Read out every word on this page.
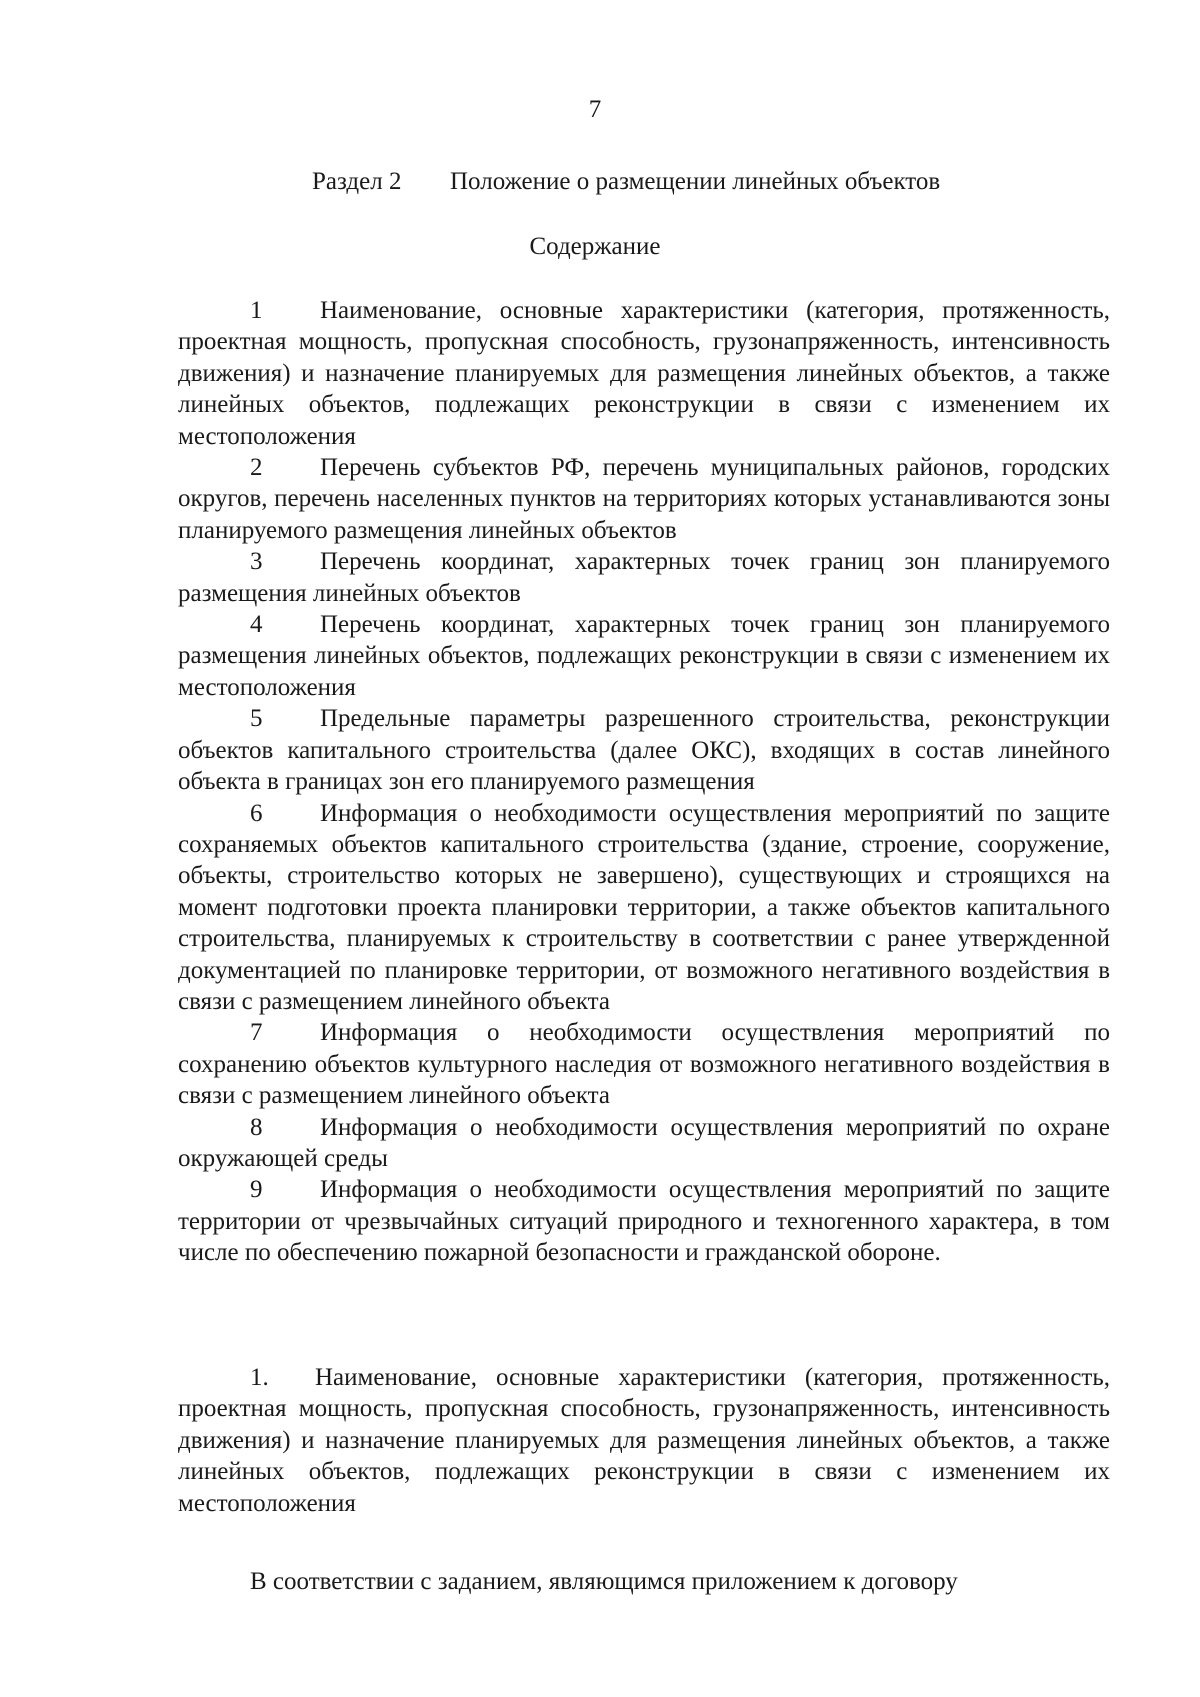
7
Раздел 2 Положение о размещении линейных объектов
Содержание

1 Наименование, основные характеристики (категория, протяженность, проектная мощность, пропускная способность, грузонапряженность, интенсивность движения) и назначение планируемых для размещения линейных объектов, а также линейных объектов, подлежащих реконструкции в связи с изменением их местоположения

2 Перечень субъектов РФ, перечень муниципальных районов, городских округов, перечень населенных пунктов на территориях которых устанавливаются зоны планируемого размещения линейных объектов

3 Перечень координат, характерных точек границ зон планируемого размещения линейных объектов

4 Перечень координат, характерных точек границ зон планируемого размещения линейных объектов, подлежащих реконструкции в связи с изменением их местоположения

5 Предельные параметры разрешенного строительства, реконструкции объектов капитального строительства (далее ОКС), входящих в состав линейного объекта в границах зон его планируемого размещения

6 Информация о необходимости осуществления мероприятий по защите сохраняемых объектов капитального строительства (здание, строение, сооружение, объекты, строительство которых не завершено), существующих и строящихся на момент подготовки проекта планировки территории, а также объектов капитального строительства, планируемых к строительству в соответствии с ранее утвержденной документацией по планировке территории, от возможного негативного воздействия в связи с размещением линейного объекта

7 Информация о необходимости осуществления мероприятий по сохранению объектов культурного наследия от возможного негативного воздействия в связи с размещением линейного объекта

8 Информация о необходимости осуществления мероприятий по охране окружающей среды

9 Информация о необходимости осуществления мероприятий по защите территории от чрезвычайных ситуаций природного и техногенного характера, в том числе по обеспечению пожарной безопасности и гражданской обороне.

1. Наименование, основные характеристики (категория, протяженность, проектная мощность, пропускная способность, грузонапряженность, интенсивность движения) и назначение планируемых для размещения линейных объектов, а также линейных объектов, подлежащих реконструкции в связи с изменением их местоположения

В соответствии с заданием, являющимся приложением к договору
